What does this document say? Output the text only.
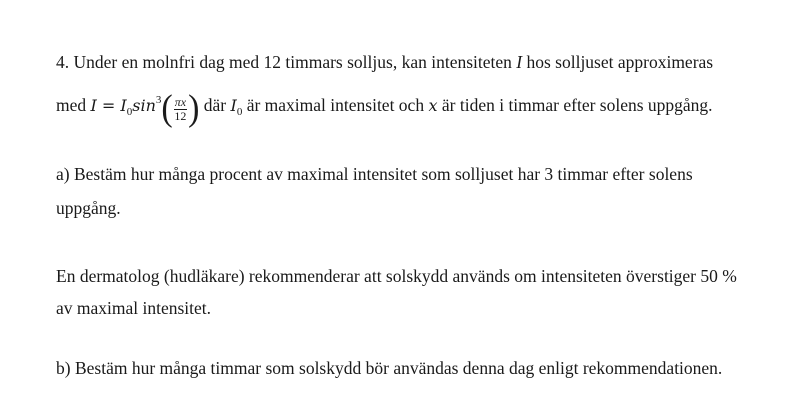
4. Under en molnfri dag med 12 timmars solljus, kan intensiteten I hos solljuset approximeras
med $I = I_0\sin^3( \frac{\pi x}{12}$ ) där $I_0$ är maximal intensitet och x är tiden i timmar efter solens uppgång.
a) Bestäm hur många procent av maximal intensitet som solljuset har 3 timmar efter solens
uppgång.
En dermatolog (hudläkare) rekommenderar att solskydd används om intensiteten överstiger 50 %
av maximal intensitet.
b) Bestäm hur många timmar som solskydd bör användas denna dag enligt rekommendationen.
